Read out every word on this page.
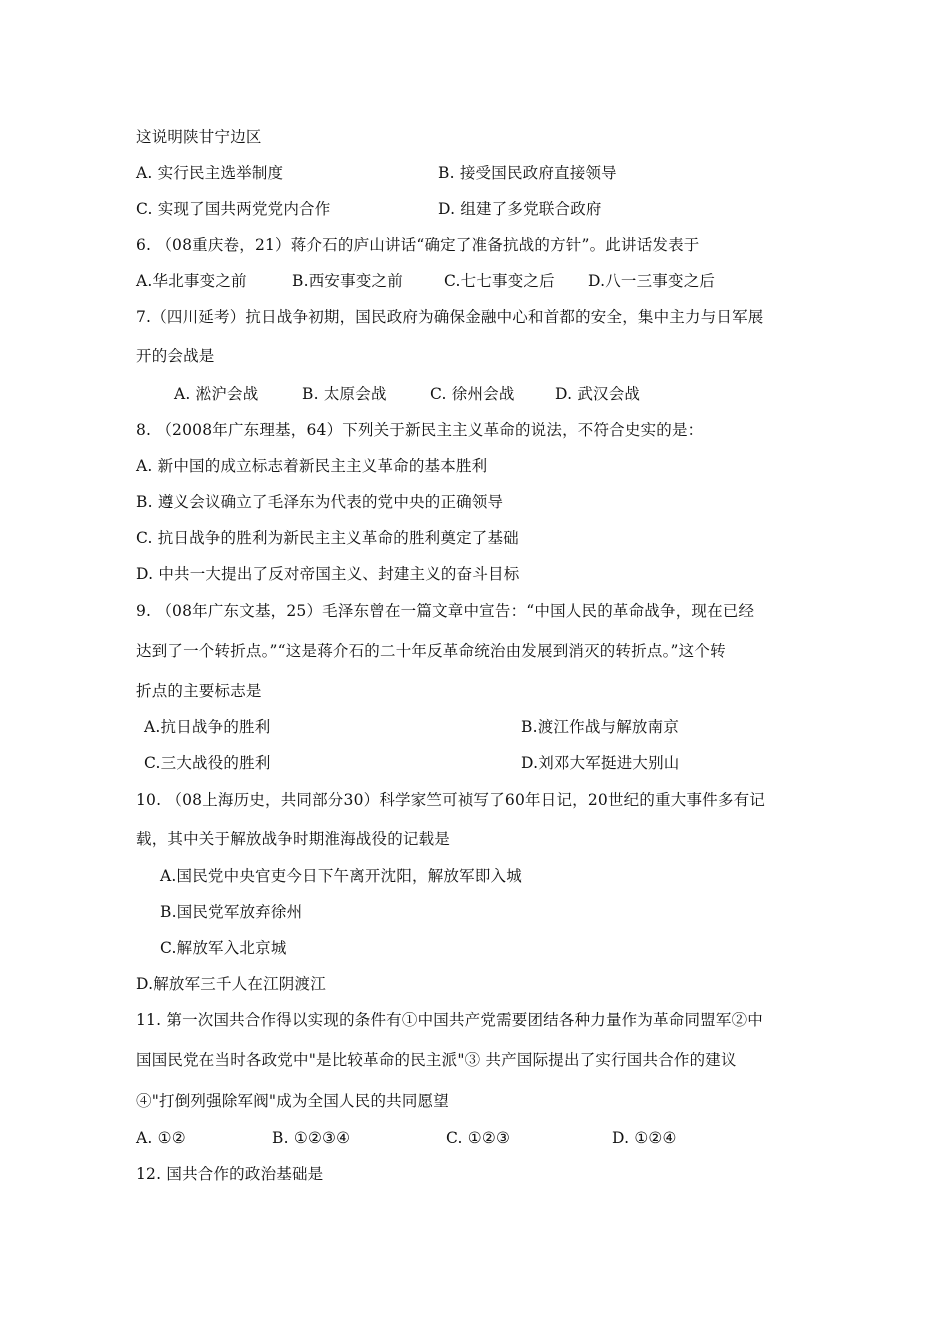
这说明陕甘宁边区
A. 实行民主选举制度	B. 接受国民政府直接领导
C. 实现了国共两党党内合作	D. 组建了多党联合政府
6. （08重庆卷，21）蒋介石的庐山讲话“确定了准备抗战的方针”。此讲话发表于
A.华北事变之前	B.西安事变之前	C.七七事变之后 D.八一三事变之后
7.（四川延考）抗日战争初期，国民政府为确保金融中心和首都的安全，集中主力与日军展
开的会战是
A. 淞沪会战	B. 太原会战	C. 徐州会战	D. 武汉会战
8. （2008年广东理基，64）下列关于新民主主义革命的说法，不符合史实的是：
A. 新中国的成立标志着新民主主义革命的基本胜利
B. 遵义会议确立了毛泽东为代表的党中央的正确领导
C. 抗日战争的胜利为新民主主义革命的胜利奠定了基础
D. 中共一大提出了反对帝国主义、封建主义的奋斗目标
9. （08年广东文基，25）毛泽东曾在一篇文章中宣告：“中国人民的革命战争，现在已经
达到了一个转折点。”“这是蒋介石的二十年反革命统治由发展到消灭的转折点。”这个转
折点的主要标志是
A.抗日战争的胜利	B.渡江作战与解放南京
C.三大战役的胜利	D.刘邓大军挺进大别山
10. （08上海历史，共同部分30）科学家竺可祯写了60年日记，20世纪的重大事件多有记
载，其中关于解放战争时期淮海战役的记载是
A.国民党中央官吏今日下午离开沈阳，解放军即入城
B.国民党军放弃徐州
C.解放军入北京城
D.解放军三千人在江阴渡江
11. 第一次国共合作得以实现的条件有①中国共产党需要团结各种力量作为革命同盟军②中
国国民党在当时各政党中"是比较革命的民主派"③ 共产国际提出了实行国共合作的建议
④"打倒列强除军阀"成为全国人民的共同愿望
A. ①②	B. ①②③④	C. ①②③	D. ①②④
12. 国共合作的政治基础是
